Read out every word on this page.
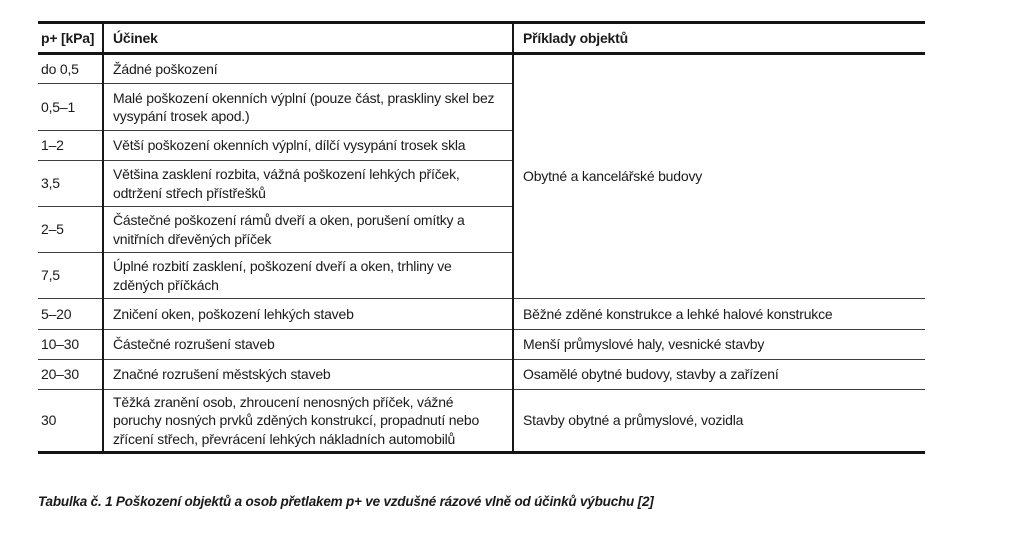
p+ [kPa]	Účinek	Příklady objektů
do 0,5	Žádné poškození	Obytné a kancelářské budovy
0,5–1	Malé poškození okenních výplní (pouze část, praskliny skel bez vysypání trosek apod.)	
1–2	Větší poškození okenních výplní, dílčí vysypání trosek skla	
3,5	Většina zasklení rozbita, vážná poškození lehkých příček, odtržení střech přístřešků	
2–5	Částečné poškození rámů dveří a oken, porušení omítky a vnitřních dřevěných příček	
7,5	Úplné rozbití zasklení, poškození dveří a oken, trhliny ve zděných příčkách	
5–20	Zničení oken, poškození lehkých staveb	Běžné zděné konstrukce a lehké halové konstrukce
10–30	Částečné rozrušení staveb	Menší průmyslové haly, vesnické stavby
20–30	Značné rozrušení městských staveb	Osamělé obytné budovy, stavby a zařízení
30	Těžká zranění osob, zhroucení nenosných příček, vážné poruchy nosných prvků zděných konstrukcí, propadnutí nebo zřícení střech, převrácení lehkých nákladních automobilů	Stavby obytné a průmyslové, vozidla

Tabulka č. 1 Poškození objektů a osob přetlakem p+ ve vzdušné rázové vlně od účinků výbuchu [2]
